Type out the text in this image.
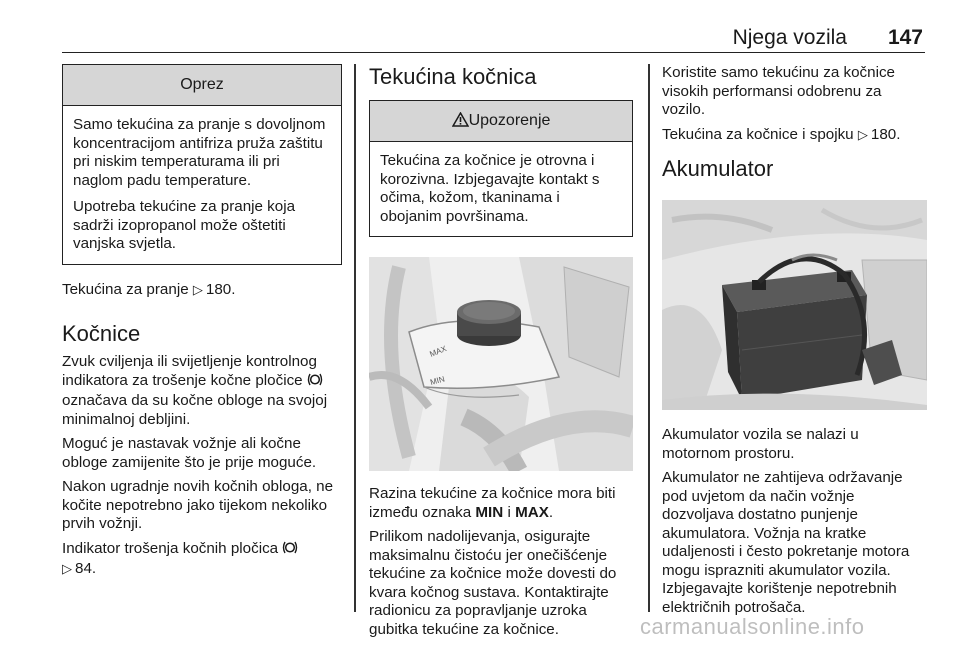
Njega vozila 147
Oprez

Samo tekućina za pranje s dovoljnom koncentracijom antifriza pruža zaštitu pri niskim temperaturama ili pri naglom padu temperature.

Upotreba tekućine za pranje koja sadrži izopropanol može oštetiti vanjska svjetla.

Tekućina za pranje ▷ 180.

Kočnice

Zvuk cviljenja ili svijetljenje kontrolnog indikatora za trošenje kočne pločice  označava da su kočne obloge na svojoj minimalnoj debljini.

Moguć je nastavak vožnje ali kočne obloge zamijenite što je prije moguće.

Nakon ugradnje novih kočnih obloga, ne kočite nepotrebno jako tijekom nekoliko prvih vožnji.

Indikator trošenja kočnih pločica
▷ 84.

Tekućina kočnica
Upozorenje

Tekućina za kočnice je otrovna i korozivna. Izbjegavajte kontakt s očima, kožom, tkaninama i obojanim površinama.

MAX
MIN

Razina tekućine za kočnice mora biti između oznaka MIN i MAX.

Prilikom nadolijevanja, osigurajte maksimalnu čistoću jer onečišćenje tekućine za kočnice može dovesti do kvara kočnog sustava. Kontaktirajte radionicu za popravljanje uzroka gubitka tekućine za kočnice.

Koristite samo tekućinu za kočnice visokih performansi odobrenu za vozilo.

Tekućina za kočnice i spojku ▷ 180.

Akumulator

Akumulator vozila se nalazi u motornom prostoru.

Akumulator ne zahtijeva održavanje pod uvjetom da način vožnje dozvoljava dostatno punjenje akumulatora. Vožnja na kratke udaljenosti i često pokretanje motora mogu isprazniti akumulator vozila. Izbjegavajte korištenje nepotrebnih električnih potrošača.

carmanualsonline.info
